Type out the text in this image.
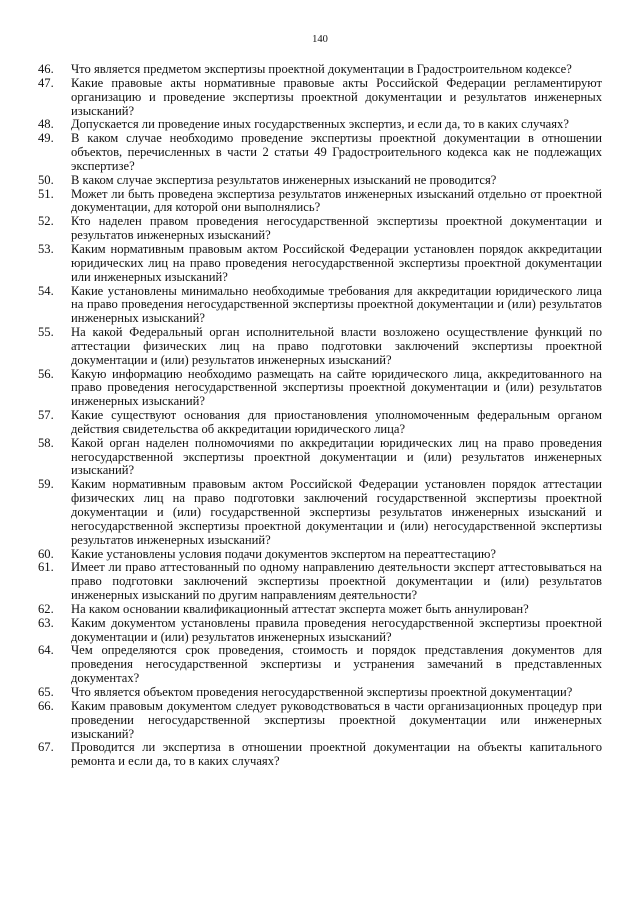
140
46.	Что является предметом экспертизы проектной документации в Градостроительном кодексе?
47.	Какие правовые акты нормативные правовые акты Российской Федерации регламентируют организацию и проведение экспертизы проектной документации и результатов инженерных изысканий?
48.	Допускается ли проведение иных государственных экспертиз, и если да, то в каких случаях?
49.	В каком случае необходимо проведение экспертизы проектной документации в отношении объектов, перечисленных в части 2 статьи 49 Градостроительного кодекса как не подлежащих экспертизе?
50.	В каком случае экспертиза результатов инженерных изысканий не проводится?
51.	Может ли быть проведена экспертиза результатов инженерных изысканий отдельно от проектной документации, для которой они выполнялись?
52.	Кто наделен правом проведения негосударственной экспертизы проектной документации и результатов инженерных изысканий?
53.	Каким нормативным правовым актом Российской Федерации установлен порядок аккредитации юридических лиц на право проведения негосударственной экспертизы проектной документации или инженерных изысканий?
54.	Какие установлены минимально необходимые требования для аккредитации юридического лица на право проведения негосударственной экспертизы проектной документации и (или) результатов инженерных изысканий?
55.	На какой Федеральный орган исполнительной власти возложено осуществление функций по аттестации физических лиц на право подготовки заключений экспертизы проектной документации и (или) результатов инженерных изысканий?
56.	Какую информацию необходимо размещать на сайте юридического лица, аккредитованного на право проведения негосударственной экспертизы проектной документации и (или) результатов инженерных изысканий?
57.	Какие существуют основания для приостановления уполномоченным федеральным органом действия свидетельства об аккредитации юридического лица?
58.	Какой орган наделен полномочиями по аккредитации юридических лиц на право проведения негосударственной экспертизы проектной документации и (или) результатов инженерных изысканий?
59.	Каким нормативным правовым актом Российской Федерации установлен порядок аттестации физических лиц на право подготовки заключений государственной экспертизы проектной документации и (или) государственной экспертизы результатов инженерных изысканий и негосударственной экспертизы проектной документации и (или) негосударственной экспертизы результатов инженерных изысканий?
60.	Какие установлены условия подачи документов экспертом на переаттестацию?
61.	Имеет ли право аттестованный по одному направлению деятельности эксперт аттестовываться на право подготовки заключений экспертизы проектной документации и (или) результатов инженерных изысканий по другим направлениям деятельности?
62.	На каком основании квалификационный аттестат эксперта может быть аннулирован?
63.	Каким документом установлены правила проведения негосударственной экспертизы проектной документации и (или) результатов инженерных изысканий?
64.	Чем определяются срок проведения, стоимость и порядок представления документов для проведения негосударственной экспертизы и устранения замечаний в представленных документах?
65.	Что является объектом проведения негосударственной экспертизы проектной документации?
66.	Каким правовым документом следует руководствоваться в части организационных процедур при проведении негосударственной экспертизы проектной документации или инженерных изысканий?
67.	Проводится ли экспертиза в отношении проектной документации на объекты капитального ремонта и если да, то в каких случаях?
